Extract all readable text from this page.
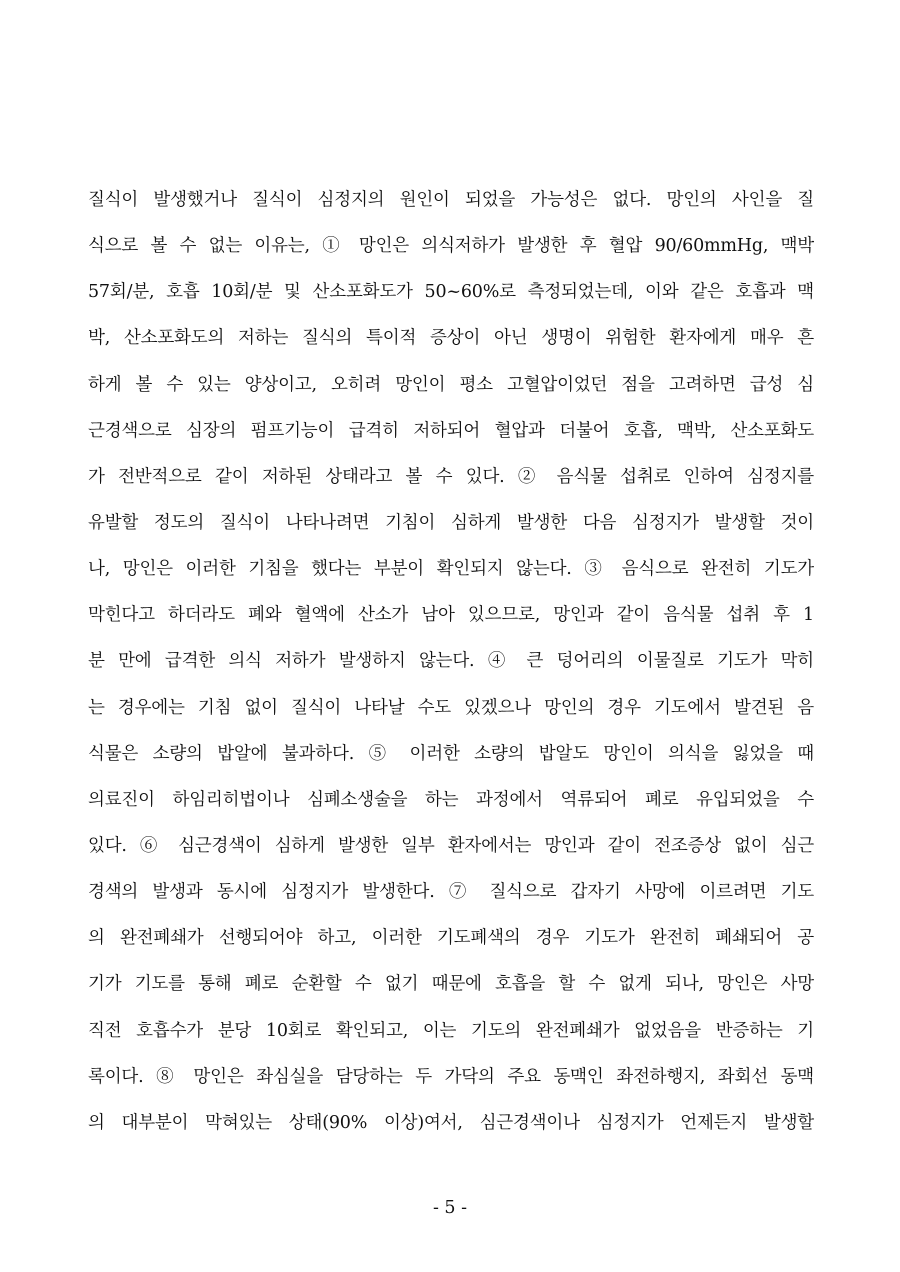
질식이 발생했거나 질식이 심정지의 원인이 되었을 가능성은 없다. 망인의 사인을 질
식으로 볼 수 없는 이유는, ① 망인은 의식저하가 발생한 후 혈압 90/60mmHg, 맥박
57회/분, 호흡 10회/분 및 산소포화도가 50~60%로 측정되었는데, 이와 같은 호흡과 맥
박, 산소포화도의 저하는 질식의 특이적 증상이 아닌 생명이 위험한 환자에게 매우 흔
하게 볼 수 있는 양상이고, 오히려 망인이 평소 고혈압이었던 점을 고려하면 급성 심
근경색으로 심장의 펌프기능이 급격히 저하되어 혈압과 더불어 호흡, 맥박, 산소포화도
가 전반적으로 같이 저하된 상태라고 볼 수 있다. ② 음식물 섭취로 인하여 심정지를
유발할 정도의 질식이 나타나려면 기침이 심하게 발생한 다음 심정지가 발생할 것이
나, 망인은 이러한 기침을 했다는 부분이 확인되지 않는다. ③ 음식으로 완전히 기도가
막힌다고 하더라도 폐와 혈액에 산소가 남아 있으므로, 망인과 같이 음식물 섭취 후 1
분 만에 급격한 의식 저하가 발생하지 않는다. ④ 큰 덩어리의 이물질로 기도가 막히
는 경우에는 기침 없이 질식이 나타날 수도 있겠으나 망인의 경우 기도에서 발견된 음
식물은 소량의 밥알에 불과하다. ⑤ 이러한 소량의 밥알도 망인이 의식을 잃었을 때
의료진이 하임리히법이나 심폐소생술을 하는 과정에서 역류되어 폐로 유입되었을 수
있다. ⑥ 심근경색이 심하게 발생한 일부 환자에서는 망인과 같이 전조증상 없이 심근
경색의 발생과 동시에 심정지가 발생한다. ⑦ 질식으로 갑자기 사망에 이르려면 기도
의 완전폐쇄가 선행되어야 하고, 이러한 기도폐색의 경우 기도가 완전히 폐쇄되어 공
기가 기도를 통해 폐로 순환할 수 없기 때문에 호흡을 할 수 없게 되나, 망인은 사망
직전 호흡수가 분당 10회로 확인되고, 이는 기도의 완전폐쇄가 없었음을 반증하는 기
록이다. ⑧ 망인은 좌심실을 담당하는 두 가닥의 주요 동맥인 좌전하행지, 좌회선 동맥
의 대부분이 막혀있는 상태(90% 이상)여서, 심근경색이나 심정지가 언제든지 발생할
- 5 -
